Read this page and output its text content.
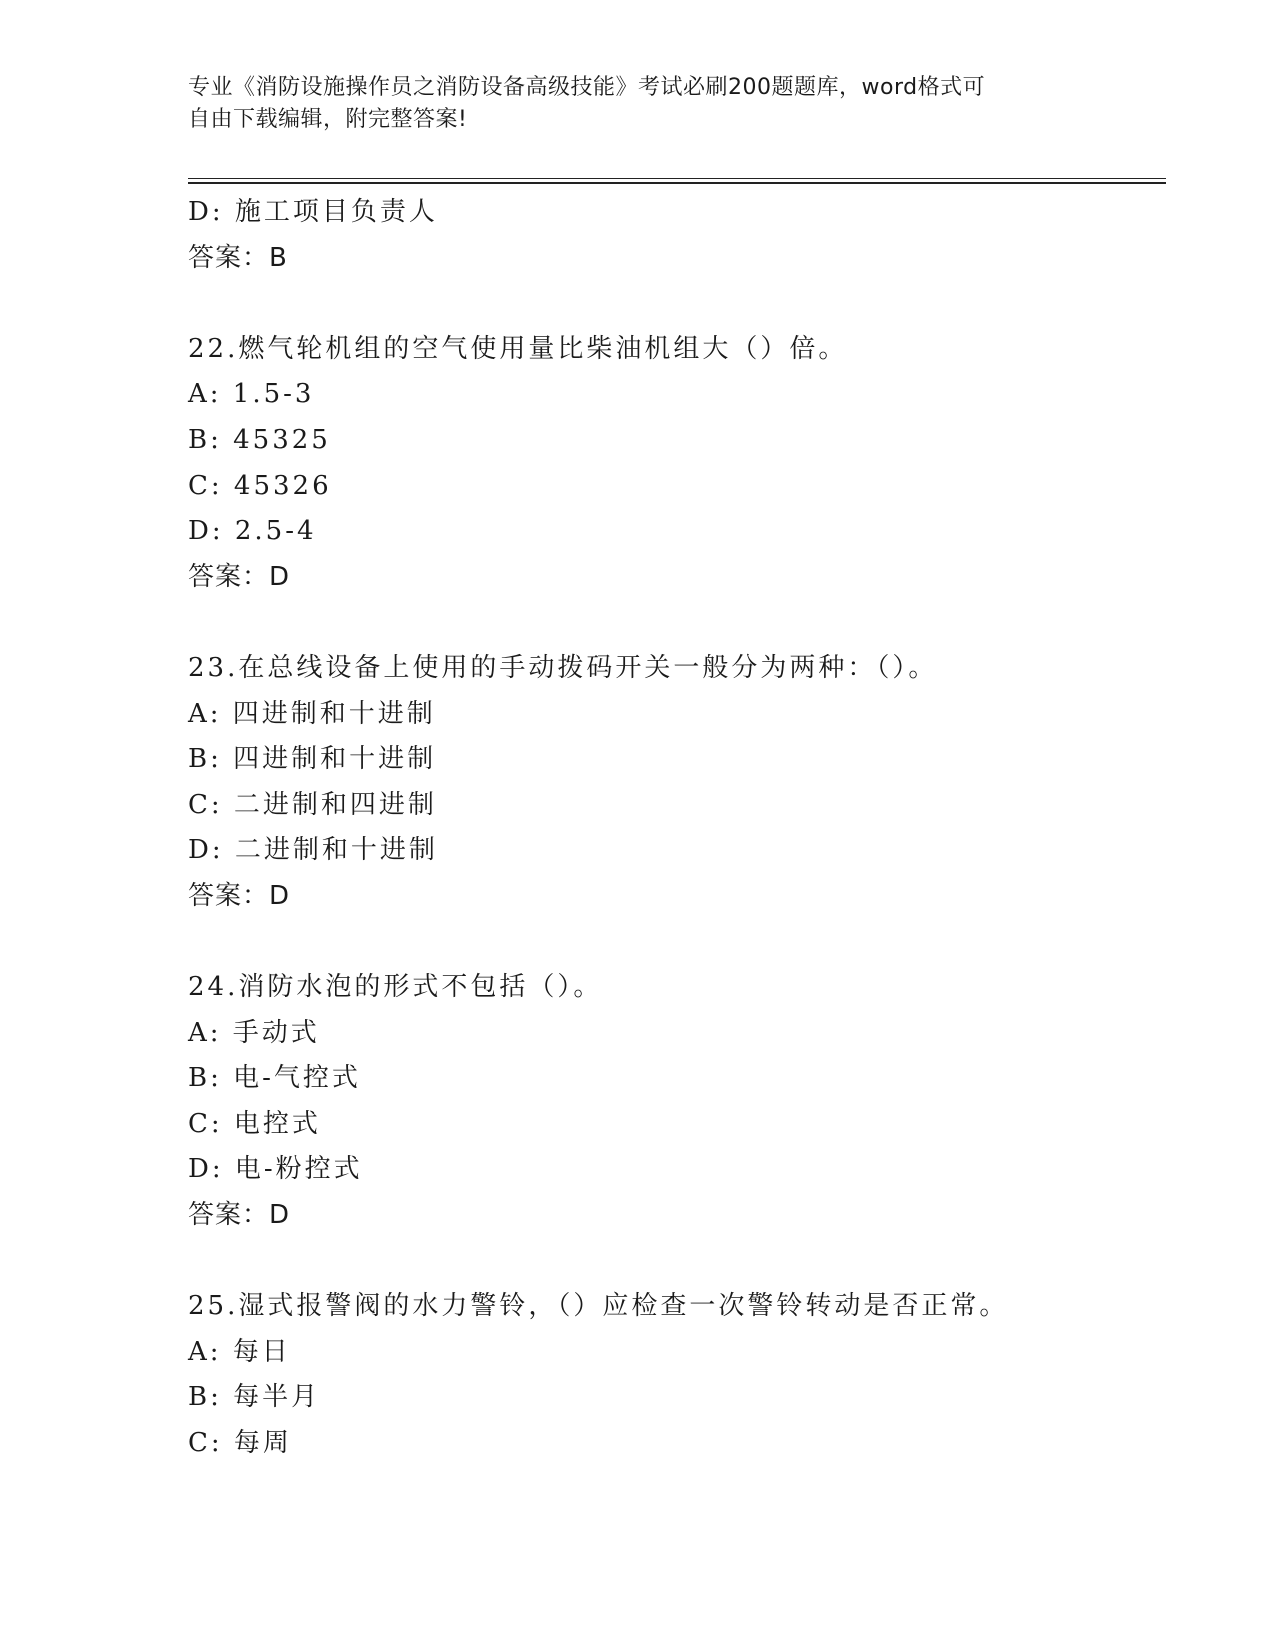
专业《消防设施操作员之消防设备高级技能》考试必刷200题题库，word格式可
自由下载编辑，附完整答案!
D: 施工项目负责人
答案：B
22.燃气轮机组的空气使用量比柴油机组大（）倍。
A: 1.5-3
B: 45325
C: 45326
D: 2.5-4
答案：D
23.在总线设备上使用的手动拨码开关一般分为两种：（）。
A: 四进制和十进制
B: 四进制和十进制
C: 二进制和四进制
D: 二进制和十进制
答案：D
24.消防水泡的形式不包括（）。
A: 手动式
B: 电-气控式
C: 电控式
D: 电-粉控式
答案：D
25.湿式报警阀的水力警铃，（）应检查一次警铃转动是否正常。
A: 每日
B: 每半月
C: 每周
